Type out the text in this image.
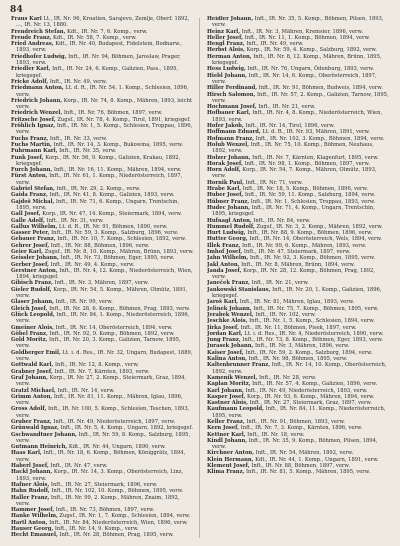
84

Fraus Karl Lt., IR. Nr. 96, Kroatien, Sarajevo, Zemlje, Oberf. 1892, ..., IR. Nr. 13, 1880.

Frendreich Stefan, Kdt., IR. Nr. 7, 6. Komp., verw.

Freude Franz, Kdt., IR. Nr. 58, 7. Komp., verw.

Fried Andreas, Kdt., IR. Nr. 40, Budapest, Fidelstein, Bodnarw., 1893, verw.

Friedhofer Ludwig, Inft., IR. Nr. 94, Böhmen, Jaroslaw, Prager, 1893, verw.

Friedler Karl, Inft., IR. Nr. 24, 6. Komp., Galizien, Pass., 1895, kriegsgef.

Fricke Adolf, Inft., IR. Nr. 49, verw.

Friedmann Anton, Lt. d. R., IR. Nr. 54, 1. Komp., Schlesien, 1896, verw.

Friedrich Johann, Korp., IR. Nr. 74, 8. Komp., Mähren, 1893, leicht verw.

Friedrich Wenzel, Inft., IR. Nr. 76, Böhmen, 1897, verw.

Fritzsche Josef, Zugsf., IR. Nr. 78, 4. Komp., Tirol, 1891, kriegsgef.

Fröhlich Ignaz, Inft., IR. Nr. 1, 5. Komp., Schlesien, Troppau, 1896, verw.

Fuchs Franz, Inft., IR. Nr. 33, verw.

Fuchs Martin, Inft., IR. Nr. 14, 3. Komp., Bukowina, 1895, verw.

Fuhrmann Karl, Inft., IR. Nr. 35, verw.

Funk Josef, Korp., IR. Nr. 56, 9. Komp., Galizien, Krakau, 1892, kriegsgef.

Furch Johann, Inft., IR. Nr. 16, 11. Komp., Mähren, 1894, verw.

Fürst Anton, Inft., IR. Nr. 61, 1. Komp., Niederösterreich, 1897, verw.

Gabriel Stefan, Inft., IR. Nr. 29, 2. Komp., verw.

Gaida Franz, Inft., IR. Nr. 41, 8. Komp., Galizien, 1893, verw.

Gajdoš Michal, Inft., IR. Nr. 71, 6. Komp., Ungarn, Trentschin, 1895, verw.

Gall Josef, Korp., IR. Nr. 47, 14. Komp., Steiermark, 1894, verw.

Galle Adolf, Inft., IR. Nr. 31, verw.

Gallus Wilhelm, Lt. d. R., IR. Nr. 91, Böhmen, 1890, verw.

Gasser Peter, Inft., IR. Nr. 59, 3. Komp., Salzburg, 1896, verw.

Gebauer Franz, Inft., IR. Nr. 10, 7. Komp., Schlesien, 1892, verw.

Gehrer Josef, Inft., IR. Nr. 88, Böhmen, 1896, verw.

Geier Karl, Zugsf., IR. Nr. 8, 10. Komp., Mähren, Brünn, 1893, verw.

Geissler Johann, Inft., IR. Nr. 73, Böhmen, Eger, 1895, verw.

Gerber Josef, Inft., IR. Nr. 49, 4. Komp., verw.

Gerstner Anton, Inft., IR. Nr. 4, 12. Komp., Niederösterreich, Wien, 1894, kriegsgef.

Gibisch Franz, Inft., IR. Nr. 3, Mähren, 1897, verw.

Gieler Rudolf, Korp., IR. Nr. 54, 5. Komp., Mähren, Olmütz, 1891, verw.

Glaser Johann, Inft., IR. Nr. 99, verw.

Gleich Josef, Inft., IR. Nr. 28, 6. Komp., Böhmen, Prag, 1893, verw.

Glück Leopold, Inft., IR. Nr. 84, 1. Komp., Niederösterreich, 1896, verw.

Gmeiner Alois, Inft., IR. Nr. 14, Oberösterreich, 1894, verw.

Göbel Franz, Inft., IR. Nr. 92, 9. Komp., Böhmen, 1892, verw.

Gold Moritz, Inft., IR. Nr. 20, 3. Komp., Galizien, Tarnow, 1895, verw.

Goldberger Emil, Lt. i. d. Res., IR. Nr. 32, Ungarn, Budapest, 1889, verw.

Gottwald Karl, Inft., IR. Nr. 12, 8. Komp., verw.

Grabner Josef, Inft., IR. Nr. 7, Kärnten, 1893, verw.

Graf Johann, Korp., IR. Nr. 27, 2. Komp., Steiermark, Graz, 1894, verw.

Gratzl Michael, Inft., IR. Nr. 14, verw.

Grimm Anton, Inft., IR. Nr. 81, 11. Komp., Mähren, Iglau, 1896, verw.

Gross Adolf, Inft., IR. Nr. 100, 5. Komp., Schlesien, Teschen, 1893, verw.

Gruber Franz, Inft., IR. Nr. 49, Niederösterreich, 1897, verw.

Grünwald Ignaz, Inft., IR. Nr. 5, 4. Komp., Ungarn, 1892, kriegsgef.

Gschwandtner Johann, Inft., IR. Nr. 59, 8. Komp., Salzburg, 1895, verw.

Gutmann Heinrich, Kdt., IR. Nr. 44, Ungarn, 1890, verw.

Haas Karl, Inft., IR. Nr. 18, 6. Komp., Böhmen, Königgrätz, 1894, verw.

Haberl Josef, Inft., IR. Nr. 47, verw.

Hackl Johann, Korp., IR. Nr. 14, 3. Komp., Oberösterreich, Linz, 1893, verw.

Hafner Alois, Inft., IR. Nr. 27, Steiermark, 1896, verw.

Hahn Rudolf, Inft., IR. Nr. 102, 10. Komp., Böhmen, 1895, verw.

Haller Franz, Inft., IR. Nr. 99, 2. Komp., Mähren, Znaim, 1892, verw.

Hammer Josef, Inft., IR. Nr. 73, Böhmen, 1897, verw.

Hanke Wilhelm, Zugsf., IR. Nr. 1, 7. Komp., Schlesien, 1894, verw.

Hartl Anton, Inft., IR. Nr. 84, Niederösterreich, Wien, 1896, verw.

Hauser Georg, Inft., IR. Nr. 14, 9. Komp., verw.

Hecht Emanuel, Inft., IR. Nr. 28, Böhmen, Prag, 1895, verw.

Heidler Johann, Inft., IR. Nr. 35, 5. Komp., Böhmen, Pilsen, 1893, verw.

Heinz Karl, Inft., IR. Nr. 3, Mähren, Kremsier, 1896, verw.

Heller Josef, Inft., IR. Nr. 11, 1. Komp., Böhmen, 1894, verw.

Hengl Franz, Inft., IR. Nr. 49, verw.

Herbst Alois, Korp., IR. Nr. 59, 4. Komp., Salzburg, 1892, verw.

Herman Anton, Inft., IR. Nr. 8, 12. Komp., Mähren, Brünn, 1895, kriegsgef.

Hess Ludwig, Inft., IR. Nr. 76, Ungarn, Ödenburg, 1893, verw.

Hiebl Johann, Inft., IR. Nr. 14, 6. Komp., Oberösterreich, 1897, verw.

Hiller Ferdinand, Inft., IR. Nr. 91, Böhmen, Budweis, 1894, verw.

Hirsch Salomon, Inft., IR. Nr. 57, 2. Komp., Galizien, Tarnow, 1895, verw.

Hochmann Josef, Inft., IR. Nr. 21, verw.

Hofbauer Karl, Inft., IR. Nr. 4, 8. Komp., Niederösterreich, Wien, 1893, verw.

Hofer Jakob, Inft., IR. Nr. 14, Tirol, 1896, verw.

Hoffmann Eduard, Lt. d. R., IR. Nr. 93, Mähren, 1891, verw.

Hofmann Franz, Inft., IR. Nr. 102, 3. Komp., Böhmen, 1894, verw.

Holub Wenzel, Inft., IR. Nr. 75, 10. Komp., Böhmen, Neuhaus, 1892, verw.

Holzer Johann, Inft., IR. Nr. 7, Kärnten, Klagenfurt, 1895, verw.

Horak Josef, Inft., IR. Nr. 98, 1. Komp., Böhmen, 1897, verw.

Horn Adolf, Korp., IR. Nr. 54, 7. Komp., Mähren, Olmütz, 1893, verw.

Hornik Paul, Inft., IR. Nr. 71, verw.

Hrabe Karl, Inft., IR. Nr. 18, 5. Komp., Böhmen, 1896, verw.

Huber Josef, Inft., IR. Nr. 59, 11. Komp., Salzburg, 1894, verw.

Hübner Franz, Inft., IR. Nr. 1, Schlesien, Troppau, 1893, verw.

Hudec Johann, Inft., IR. Nr. 71, 4. Komp., Ungarn, Trentschin, 1895, kriegsgef.

Hufnagl Anton, Inft., IR. Nr. 84, verw.

Hummel Rudolf, Zugsf., IR. Nr. 3, 2. Komp., Mähren, 1892, verw.

Hurt Ludwig, Inft., IR. Nr. 88, 9. Komp., Böhmen, 1896, verw.

Hutter Georg, Inft., IR. Nr. 14, Oberösterreich, Wels, 1894, verw.

Illek Franz, Inft., IR. Nr. 99, 6. Komp., Mähren, 1893, verw.

Imhof Josef, Inft., IR. Nr. 47, Steiermark, 1897, verw.

Jahn Wilhelm, Inft., IR. Nr. 92, 3. Komp., Böhmen, 1895, verw.

Jakl Anton, Inft., IR. Nr. 8, Mähren, Brünn, 1894, verw.

Janda Josef, Korp., IR. Nr. 28, 12. Komp., Böhmen, Prag, 1892, verw.

Janeček Franz, Inft., IR. Nr. 21, verw.

Jankowski Stanislaus, Inft., IR. Nr. 20, 1. Komp., Galizien, 1896, kriegsgef.

Jaroš Karl, Inft., IR. Nr. 81, Mähren, Iglau, 1893, verw.

Jelinek Johann, Inft., IR. Nr. 75, 7. Komp., Böhmen, 1895, verw.

Jerabek Wenzel, Inft., IR. Nr. 102, verw.

Jeschke Alois, Inft., IR. Nr. 1, 5. Komp., Schlesien, 1894, verw.

Jirka Josef, Inft., IR. Nr. 11, Böhmen, Pisek, 1897, verw.

Jordan Karl, Lt. i. d. Res., IR. Nr. 4, Niederösterreich, 1890, verw.

Jung Franz, Inft., IR. Nr. 73, 8. Komp., Böhmen, Eger, 1893, verw.

Jurasek Johann, Inft., IR. Nr. 3, Mähren, 1896, verw.

Kaiser Josef, Inft., IR. Nr. 59, 2. Komp., Salzburg, 1894, verw.

Kalina Anton, Inft., IR. Nr. 98, Böhmen, 1895, verw.

Kaltenbrunner Franz, Inft., IR. Nr. 14, 10. Komp., Oberösterreich, 1892, verw.

Kamenik Wenzel, Inft., IR. Nr. 28, verw.

Kaplan Moritz, Inft., IR. Nr. 57, 4. Komp., Galizien, 1896, verw.

Karl Johann, Inft., IR. Nr. 49, Niederösterreich, 1893, verw.

Kasper Josef, Korp., IR. Nr. 93, 6. Komp., Mähren, 1894, verw.

Kastner Alois, Inft., IR. Nr. 27, Steiermark, Graz, 1897, verw.

Kaufmann Leopold, Inft., IR. Nr. 84, 11. Komp., Niederösterreich, 1895, verw.

Keller Franz, Inft., IR. Nr. 91, Böhmen, 1893, verw.

Kern Josef, Inft., IR. Nr. 7, 3. Komp., Kärnten, 1896, verw.

Kettner Karl, Inft., IR. Nr. 18, verw.

Kindl Johann, Inft., IR. Nr. 35, 9. Komp., Böhmen, Pilsen, 1894, verw.

Kirchner Anton, Inft., IR. Nr. 54, Mähren, 1892, verw.

Klein Hermann, Kdt., IR. Nr. 44, 1. Komp., Ungarn, 1891, verw.

Klement Josef, Inft., IR. Nr. 88, Böhmen, 1897, verw.

Klima Franz, Inft., IR. Nr. 81, 5. Komp., Mähren, 1895, verw.
